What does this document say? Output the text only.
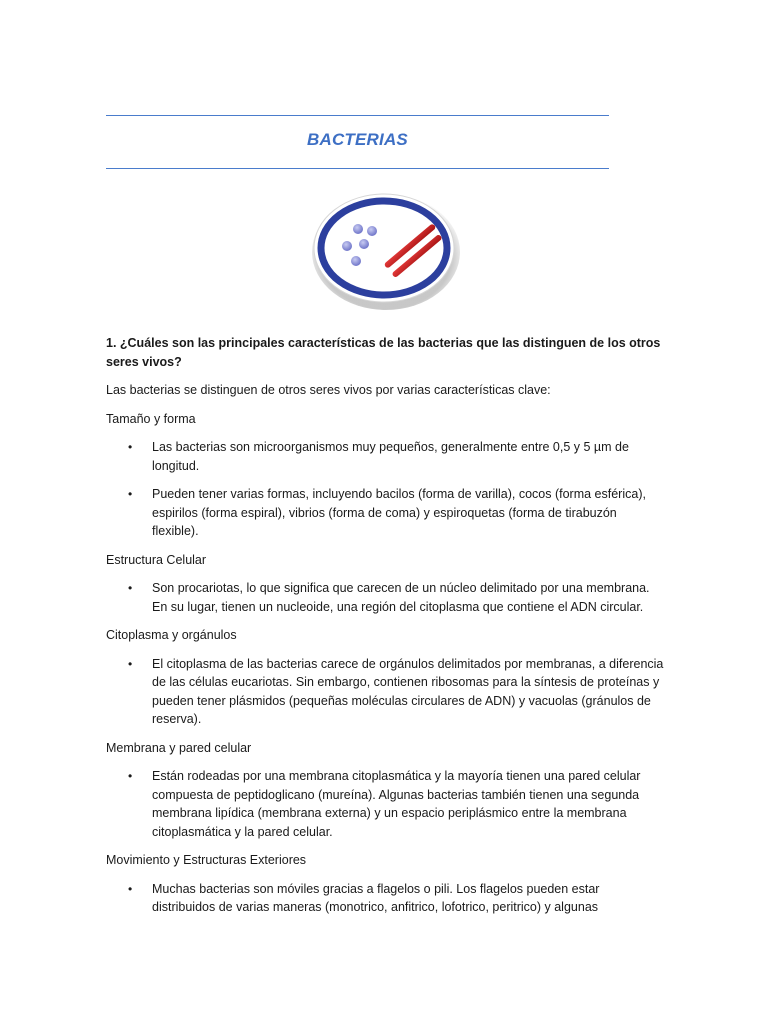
BACTERIAS

1. ¿Cuáles son las principales características de las bacterias que las distinguen de los otros seres vivos?

Las bacterias se distinguen de otros seres vivos por varias características clave:

Tamaño y forma

• Las bacterias son microorganismos muy pequeños, generalmente entre 0,5 y 5 µm de longitud.
• Pueden tener varias formas, incluyendo bacilos (forma de varilla), cocos (forma esférica), espirilos (forma espiral), vibrios (forma de coma) y espiroquetas (forma de tirabuzón flexible).

Estructura Celular

• Son procariotas, lo que significa que carecen de un núcleo delimitado por una membrana. En su lugar, tienen un nucleoide, una región del citoplasma que contiene el ADN circular.

Citoplasma y orgánulos

• El citoplasma de las bacterias carece de orgánulos delimitados por membranas, a diferencia de las células eucariotas. Sin embargo, contienen ribosomas para la síntesis de proteínas y pueden tener plásmidos (pequeñas moléculas circulares de ADN) y vacuolas (gránulos de reserva).

Membrana y pared celular

• Están rodeadas por una membrana citoplasmática y la mayoría tienen una pared celular compuesta de peptidoglicano (mureína). Algunas bacterias también tienen una segunda membrana lipídica (membrana externa) y un espacio periplásmico entre la membrana citoplasmática y la pared celular.

Movimiento y Estructuras Exteriores

• Muchas bacterias son móviles gracias a flagelos o pili. Los flagelos pueden estar distribuidos de varias maneras (monotrico, anfitrico, lofotrico, peritrico) y algunas
